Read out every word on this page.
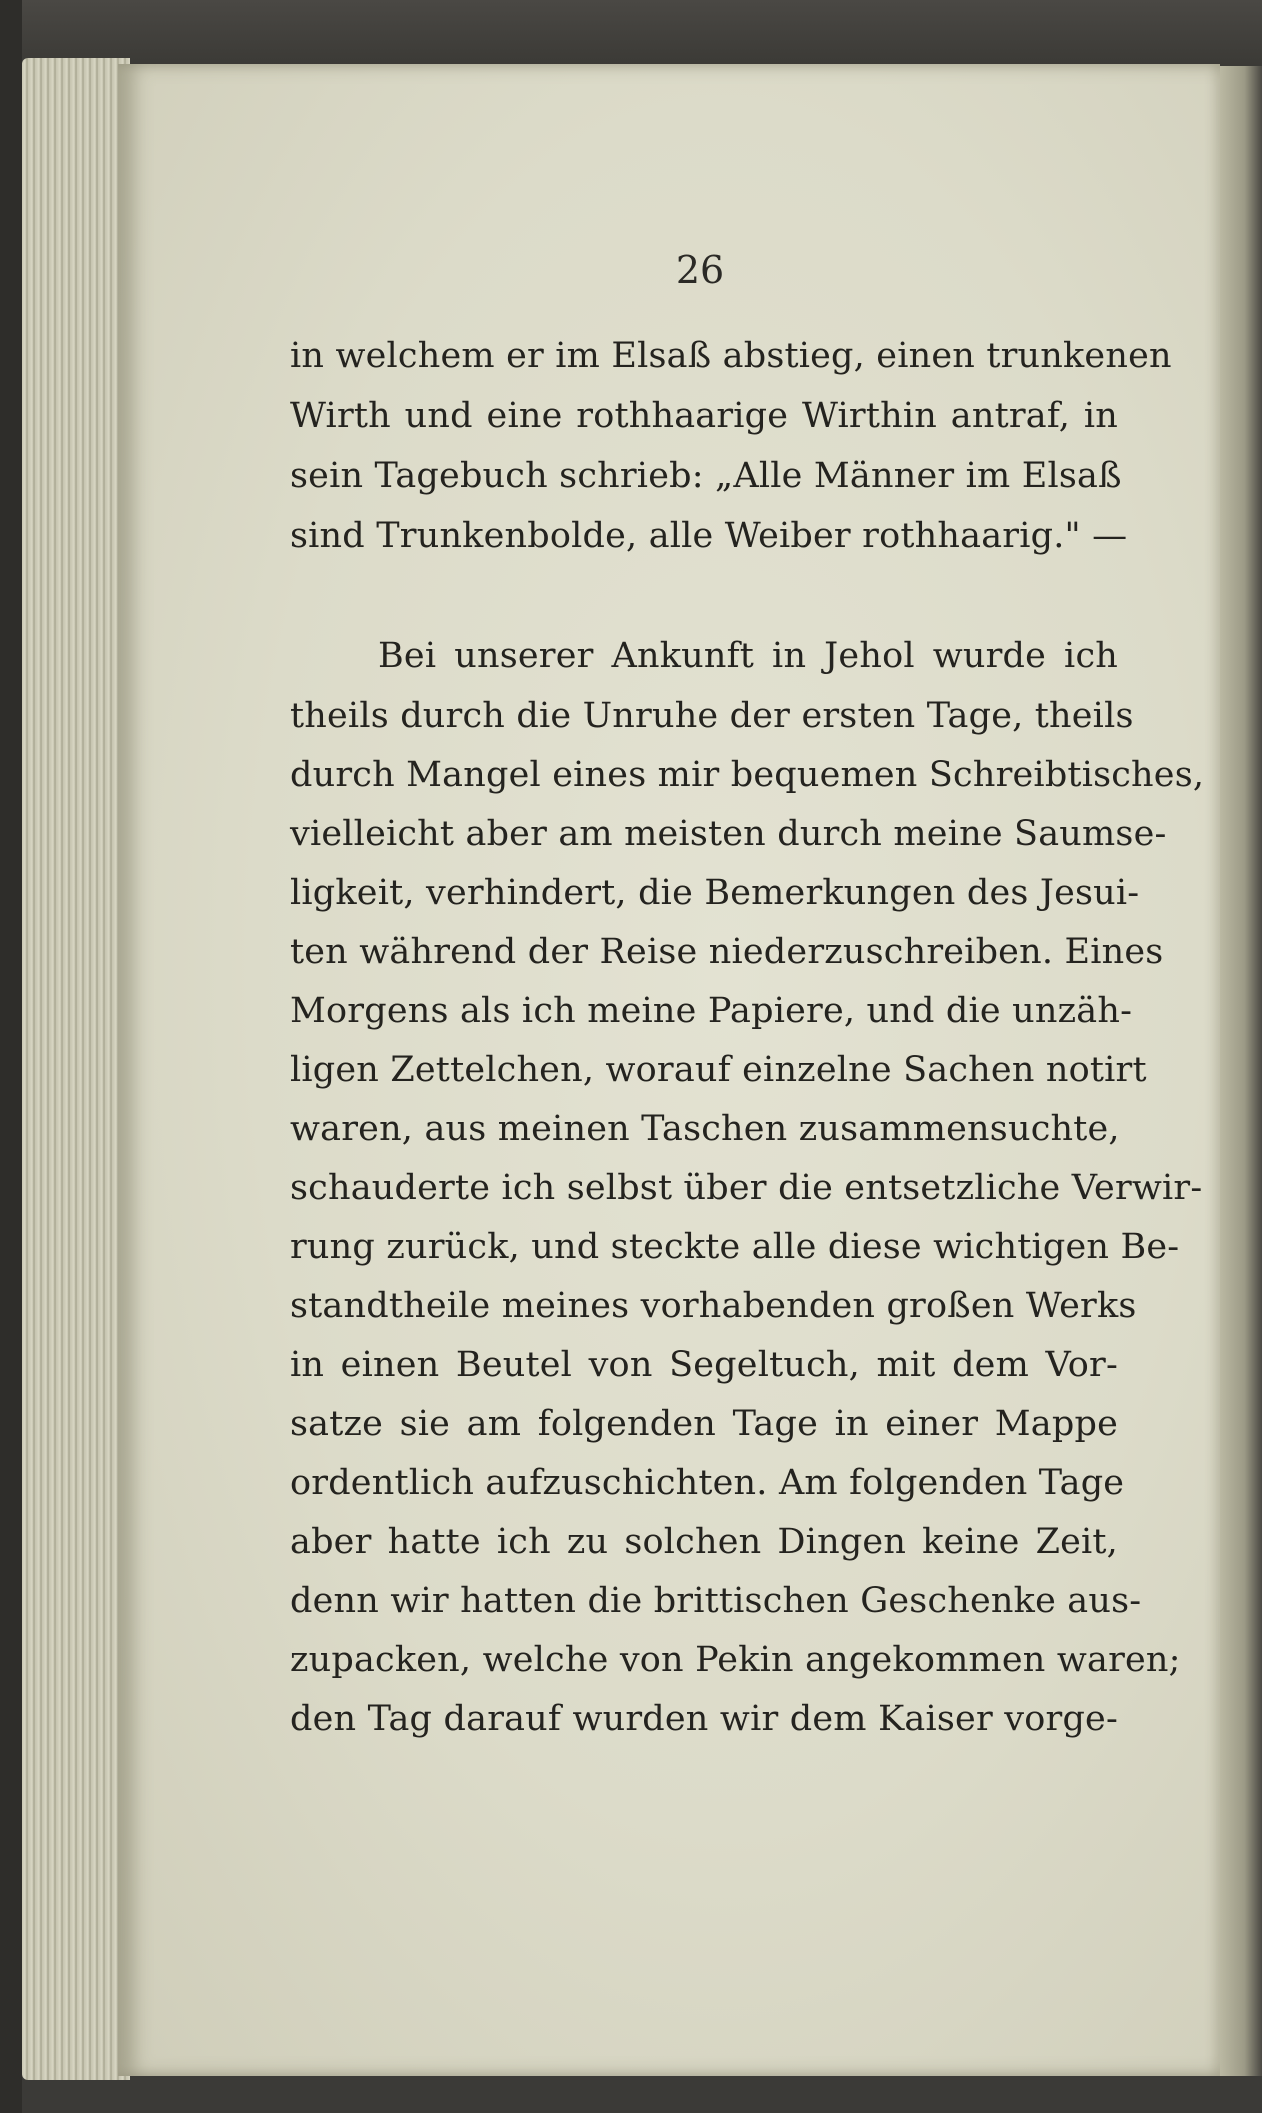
26
in welchem er im Elsaß abstieg, einen trunkenen
Wirth und eine rothhaarige Wirthin antraf, in
sein Tagebuch schrieb: „Alle Männer im Elsaß
sind Trunkenbolde, alle Weiber rothhaarig." —
Bei unserer Ankunft in Jehol wurde ich
theils durch die Unruhe der ersten Tage, theils
durch Mangel eines mir bequemen Schreibtisches,
vielleicht aber am meisten durch meine Saumse-
ligkeit, verhindert, die Bemerkungen des Jesui-
ten während der Reise niederzuschreiben. Eines
Morgens als ich meine Papiere, und die unzäh-
ligen Zettelchen, worauf einzelne Sachen notirt
waren, aus meinen Taschen zusammensuchte,
schauderte ich selbst über die entsetzliche Verwir-
rung zurück, und steckte alle diese wichtigen Be-
standtheile meines vorhabenden großen Werks
in einen Beutel von Segeltuch, mit dem Vor-
satze sie am folgenden Tage in einer Mappe
ordentlich aufzuschichten. Am folgenden Tage
aber hatte ich zu solchen Dingen keine Zeit,
denn wir hatten die brittischen Geschenke aus-
zupacken, welche von Pekin angekommen waren;
den Tag darauf wurden wir dem Kaiser vorge-
